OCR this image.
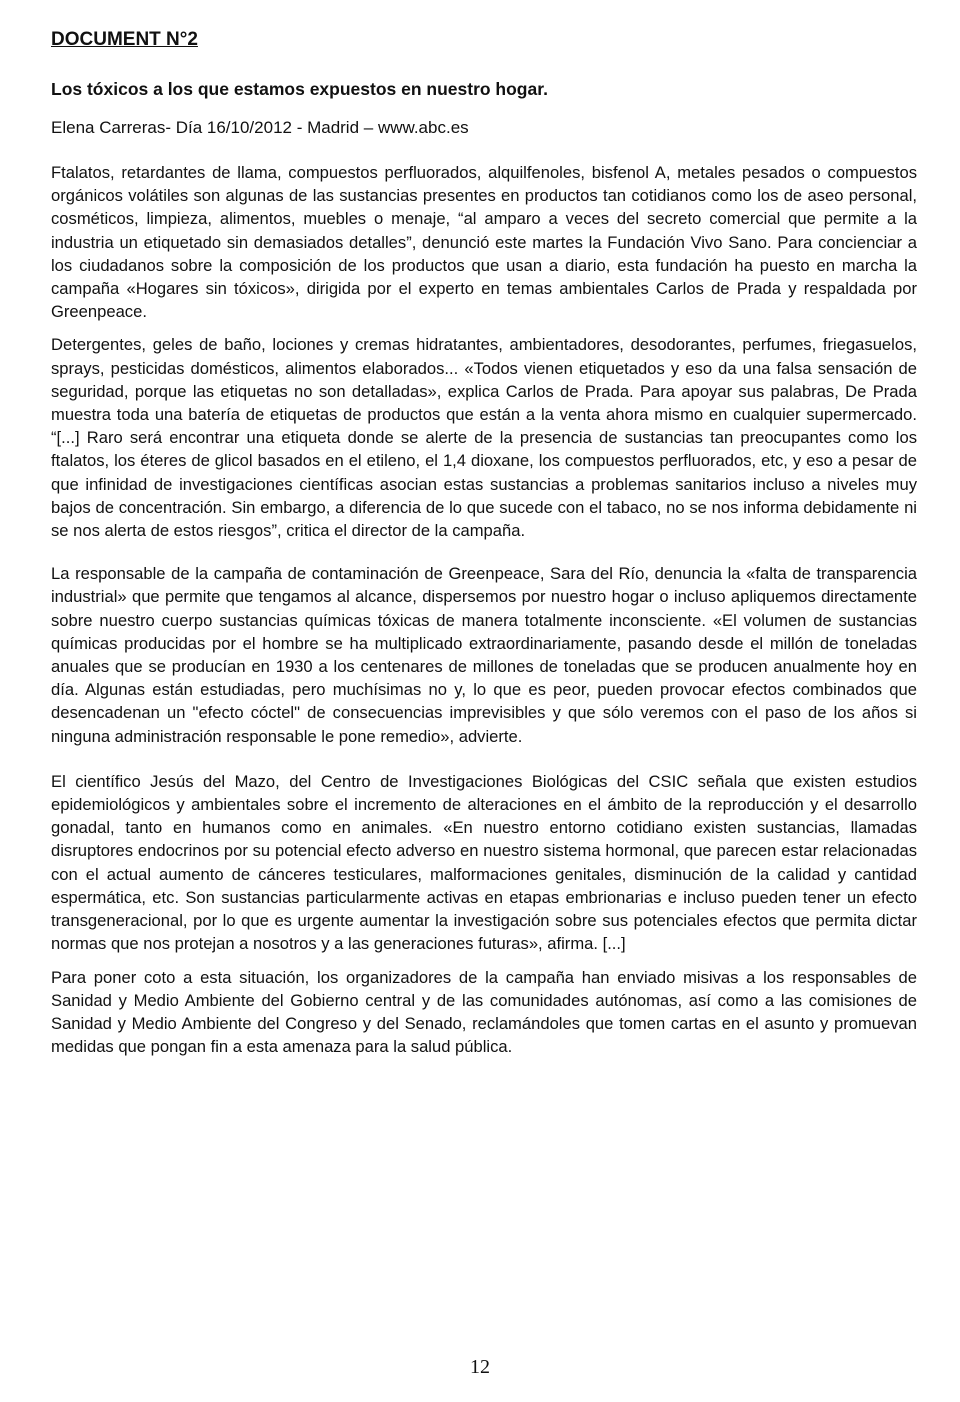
DOCUMENT N°2
Los tóxicos a los que estamos expuestos en nuestro hogar.
Elena Carreras- Día 16/10/2012 - Madrid – www.abc.es

Ftalatos, retardantes de llama, compuestos perfluorados, alquilfenoles, bisfenol A, metales pesados o compuestos orgánicos volátiles son algunas de las sustancias presentes en productos tan cotidianos como los de aseo personal, cosméticos, limpieza, alimentos, muebles o menaje, “al amparo a veces del secreto comercial que permite a la industria un etiquetado sin demasiados detalles”, denunció este martes la Fundación Vivo Sano. Para concienciar a los ciudadanos sobre la composición de los productos que usan a diario, esta fundación ha puesto en marcha la campaña «Hogares sin tóxicos», dirigida por el experto en temas ambientales Carlos de Prada y respaldada por Greenpeace.

Detergentes, geles de baño, lociones y cremas hidratantes, ambientadores, desodorantes, perfumes, friegasuelos, sprays, pesticidas domésticos, alimentos elaborados... «Todos vienen etiquetados y eso da una falsa sensación de seguridad, porque las etiquetas no son detalladas», explica Carlos de Prada. Para apoyar sus palabras, De Prada muestra toda una batería de etiquetas de productos que están a la venta ahora mismo en cualquier supermercado. “[...] Raro será encontrar una etiqueta donde se alerte de la presencia de sustancias tan preocupantes como los ftalatos, los éteres de glicol basados en el etileno, el 1,4 dioxane, los compuestos perfluorados, etc, y eso a pesar de que infinidad de investigaciones científicas asocian estas sustancias a problemas sanitarios incluso a niveles muy bajos de concentración. Sin embargo, a diferencia de lo que sucede con el tabaco, no se nos informa debidamente ni se nos alerta de estos riesgos”, critica el director de la campaña.

La responsable de la campaña de contaminación de Greenpeace, Sara del Río, denuncia la «falta de transparencia industrial» que permite que tengamos al alcance, dispersemos por nuestro hogar o incluso apliquemos directamente sobre nuestro cuerpo sustancias químicas tóxicas de manera totalmente inconsciente. «El volumen de sustancias químicas producidas por el hombre se ha multiplicado extraordinariamente, pasando desde el millón de toneladas anuales que se producían en 1930 a los centenares de millones de toneladas que se producen anualmente hoy en día. Algunas están estudiadas, pero muchísimas no y, lo que es peor, pueden provocar efectos combinados que desencadenan un "efecto cóctel" de consecuencias imprevisibles y que sólo veremos con el paso de los años si ninguna administración responsable le pone remedio», advierte.

El científico Jesús del Mazo, del Centro de Investigaciones Biológicas del CSIC señala que existen estudios epidemiológicos y ambientales sobre el incremento de alteraciones en el ámbito de la reproducción y el desarrollo gonadal, tanto en humanos como en animales. «En nuestro entorno cotidiano existen sustancias, llamadas disruptores endocrinos por su potencial efecto adverso en nuestro sistema hormonal, que parecen estar relacionadas con el actual aumento de cánceres testiculares, malformaciones genitales, disminución de la calidad y cantidad espermática, etc. Son sustancias particularmente activas en etapas embrionarias e incluso pueden tener un efecto transgeneracional, por lo que es urgente aumentar la investigación sobre sus potenciales efectos que permita dictar normas que nos protejan a nosotros y a las generaciones futuras», afirma. [...]

Para poner coto a esta situación, los organizadores de la campaña han enviado misivas a los responsables de Sanidad y Medio Ambiente del Gobierno central y de las comunidades autónomas, así como a las comisiones de Sanidad y Medio Ambiente del Congreso y del Senado, reclamándoles que tomen cartas en el asunto y promuevan medidas que pongan fin a esta amenaza para la salud pública.

12
